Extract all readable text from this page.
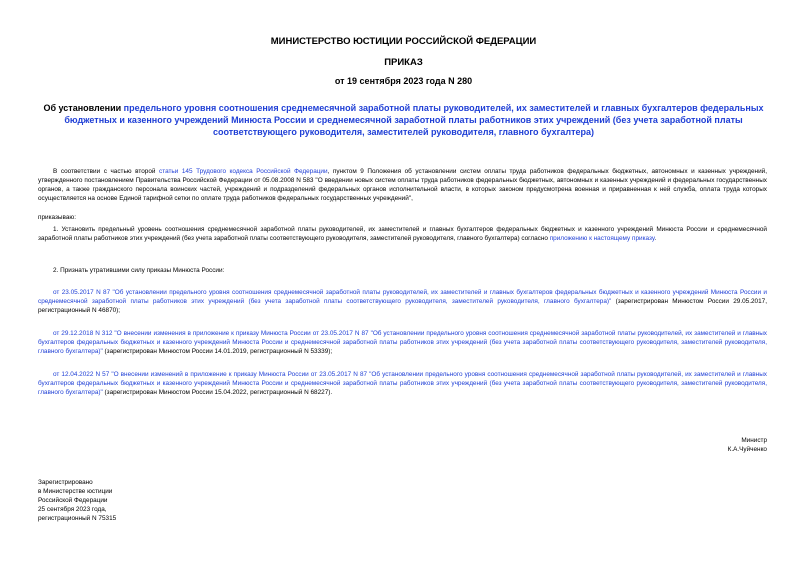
МИНИСТЕРСТВО ЮСТИЦИИ РОССИЙСКОЙ ФЕДЕРАЦИИ
ПРИКАЗ
от 19 сентября 2023 года N 280
Об установлении предельного уровня соотношения среднемесячной заработной платы руководителей, их заместителей и главных бухгалтеров федеральных бюджетных и казенного учреждений Минюста России и среднемесячной заработной платы работников этих учреждений (без учета заработной платы соответствующего руководителя, заместителей руководителя, главного бухгалтера)
В соответствии с частью второй статьи 145 Трудового кодекса Российской Федерации, пунктом 9 Положения об установлении систем оплаты труда работников федеральных бюджетных, автономных и казенных учреждений, утвержденного постановлением Правительства Российской Федерации от 05.08.2008 N 583 "О введении новых систем оплаты труда работников федеральных бюджетных, автономных и казенных учреждений и федеральных государственных органов, а также гражданского персонала воинских частей, учреждений и подразделений федеральных органов исполнительной власти, в которых законом предусмотрена военная и приравненная к ней служба, оплата труда которых осуществляется на основе Единой тарифной сетки по оплате труда работников федеральных государственных учреждений",
приказываю:
1. Установить предельный уровень соотношения среднемесячной заработной платы руководителей, их заместителей и главных бухгалтеров федеральных бюджетных и казенного учреждений Минюста России и среднемесячной заработной платы работников этих учреждений (без учета заработной платы соответствующего руководителя, заместителей руководителя, главного бухгалтера) согласно приложению к настоящему приказу.
2. Признать утратившими силу приказы Минюста России:
от 23.05.2017 N 87 "Об установлении предельного уровня соотношения среднемесячной заработной платы руководителей, их заместителей и главных бухгалтеров федеральных бюджетных и казенного учреждений Минюста России и среднемесячной заработной платы работников этих учреждений (без учета заработной платы соответствующего руководителя, заместителей руководителя, главного бухгалтера)" (зарегистрирован Минюстом России 29.05.2017, регистрационный N 46870);
от 29.12.2018 N 312 "О внесении изменения в приложение к приказу Минюста России от 23.05.2017 N 87 "Об установлении предельного уровня соотношения среднемесячной заработной платы руководителей, их заместителей и главных бухгалтеров федеральных бюджетных и казенного учреждений Минюста России и среднемесячной заработной платы работников этих учреждений (без учета заработной платы соответствующего руководителя, заместителей руководителя, главного бухгалтера)" (зарегистрирован Минюстом России 14.01.2019, регистрационный N 53339);
от 12.04.2022 N 57 "О внесении изменений в приложение к приказу Минюста России от 23.05.2017 N 87 "Об установлении предельного уровня соотношения среднемесячной заработной платы руководителей, их заместителей и главных бухгалтеров федеральных бюджетных и казенного учреждений Минюста России и среднемесячной заработной платы работников этих учреждений (без учета заработной платы соответствующего руководителя, заместителей руководителя, главного бухгалтера)" (зарегистрирован Минюстом России 15.04.2022, регистрационный N 68227).
Министр
К.А.Чуйченко
Зарегистрировано
в Министерстве юстиции
Российской Федерации
25 сентября 2023 года,
регистрационный N 75315
